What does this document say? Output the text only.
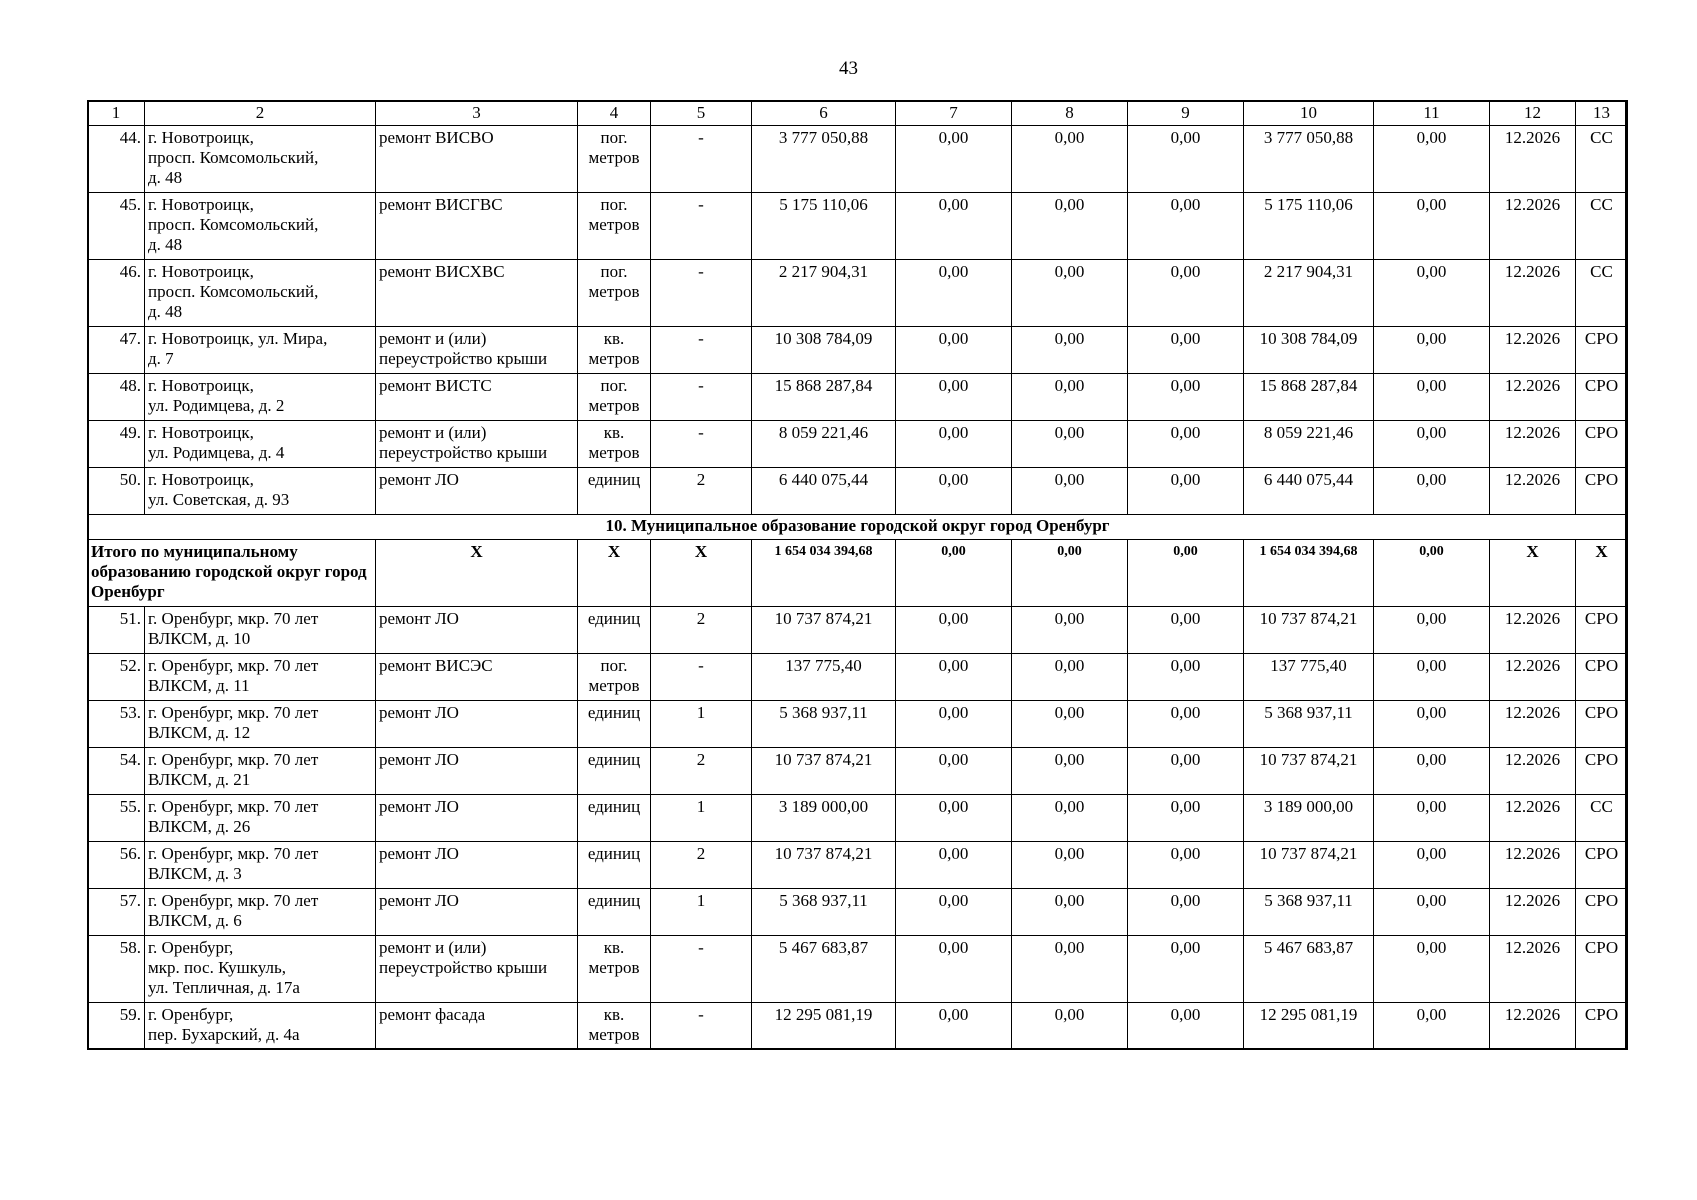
43
1	2	3	4	5	6	7	8	9	10	11	12	13
44.	г. Новотроицк,
просп. Комсомольский,
д. 48	ремонт ВИСВО	пог.
метров	-	3 777 050,88	0,00	0,00	0,00	3 777 050,88	0,00	12.2026	СС
45.	г. Новотроицк,
просп. Комсомольский,
д. 48	ремонт ВИСГВС	пог.
метров	-	5 175 110,06	0,00	0,00	0,00	5 175 110,06	0,00	12.2026	СС
46.	г. Новотроицк,
просп. Комсомольский,
д. 48	ремонт ВИСХВС	пог.
метров	-	2 217 904,31	0,00	0,00	0,00	2 217 904,31	0,00	12.2026	СС
47.	г. Новотроицк, ул. Мира,
д. 7	ремонт и (или)
переустройство крыши	кв.
метров	-	10 308 784,09	0,00	0,00	0,00	10 308 784,09	0,00	12.2026	СРО
48.	г. Новотроицк,
ул. Родимцева, д. 2	ремонт ВИСТС	пог.
метров	-	15 868 287,84	0,00	0,00	0,00	15 868 287,84	0,00	12.2026	СРО
49.	г. Новотроицк,
ул. Родимцева, д. 4	ремонт и (или)
переустройство крыши	кв.
метров	-	8 059 221,46	0,00	0,00	0,00	8 059 221,46	0,00	12.2026	СРО
50.	г. Новотроицк,
ул. Советская, д. 93	ремонт ЛО	единиц	2	6 440 075,44	0,00	0,00	0,00	6 440 075,44	0,00	12.2026	СРО
10. Муниципальное образование городской округ город Оренбург												
Итого по муниципальному образованию городской округ город Оренбург		X	X	X	1 654 034 394,68	0,00	0,00	0,00	1 654 034 394,68	0,00	X	X
51.	г. Оренбург, мкр. 70 лет
ВЛКСМ, д. 10	ремонт ЛО	единиц	2	10 737 874,21	0,00	0,00	0,00	10 737 874,21	0,00	12.2026	СРО
52.	г. Оренбург, мкр. 70 лет
ВЛКСМ, д. 11	ремонт ВИСЭС	пог.
метров	-	137 775,40	0,00	0,00	0,00	137 775,40	0,00	12.2026	СРО
53.	г. Оренбург, мкр. 70 лет
ВЛКСМ, д. 12	ремонт ЛО	единиц	1	5 368 937,11	0,00	0,00	0,00	5 368 937,11	0,00	12.2026	СРО
54.	г. Оренбург, мкр. 70 лет
ВЛКСМ, д. 21	ремонт ЛО	единиц	2	10 737 874,21	0,00	0,00	0,00	10 737 874,21	0,00	12.2026	СРО
55.	г. Оренбург, мкр. 70 лет
ВЛКСМ, д. 26	ремонт ЛО	единиц	1	3 189 000,00	0,00	0,00	0,00	3 189 000,00	0,00	12.2026	СС
56.	г. Оренбург, мкр. 70 лет
ВЛКСМ, д. 3	ремонт ЛО	единиц	2	10 737 874,21	0,00	0,00	0,00	10 737 874,21	0,00	12.2026	СРО
57.	г. Оренбург, мкр. 70 лет
ВЛКСМ, д. 6	ремонт ЛО	единиц	1	5 368 937,11	0,00	0,00	0,00	5 368 937,11	0,00	12.2026	СРО
58.	г. Оренбург,
мкр. пос. Кушкуль,
ул. Тепличная, д. 17а	ремонт и (или)
переустройство крыши	кв.
метров	-	5 467 683,87	0,00	0,00	0,00	5 467 683,87	0,00	12.2026	СРО
59.	г. Оренбург,
пер. Бухарский, д. 4а	ремонт фасада	кв.
метров	-	12 295 081,19	0,00	0,00	0,00	12 295 081,19	0,00	12.2026	СРО
